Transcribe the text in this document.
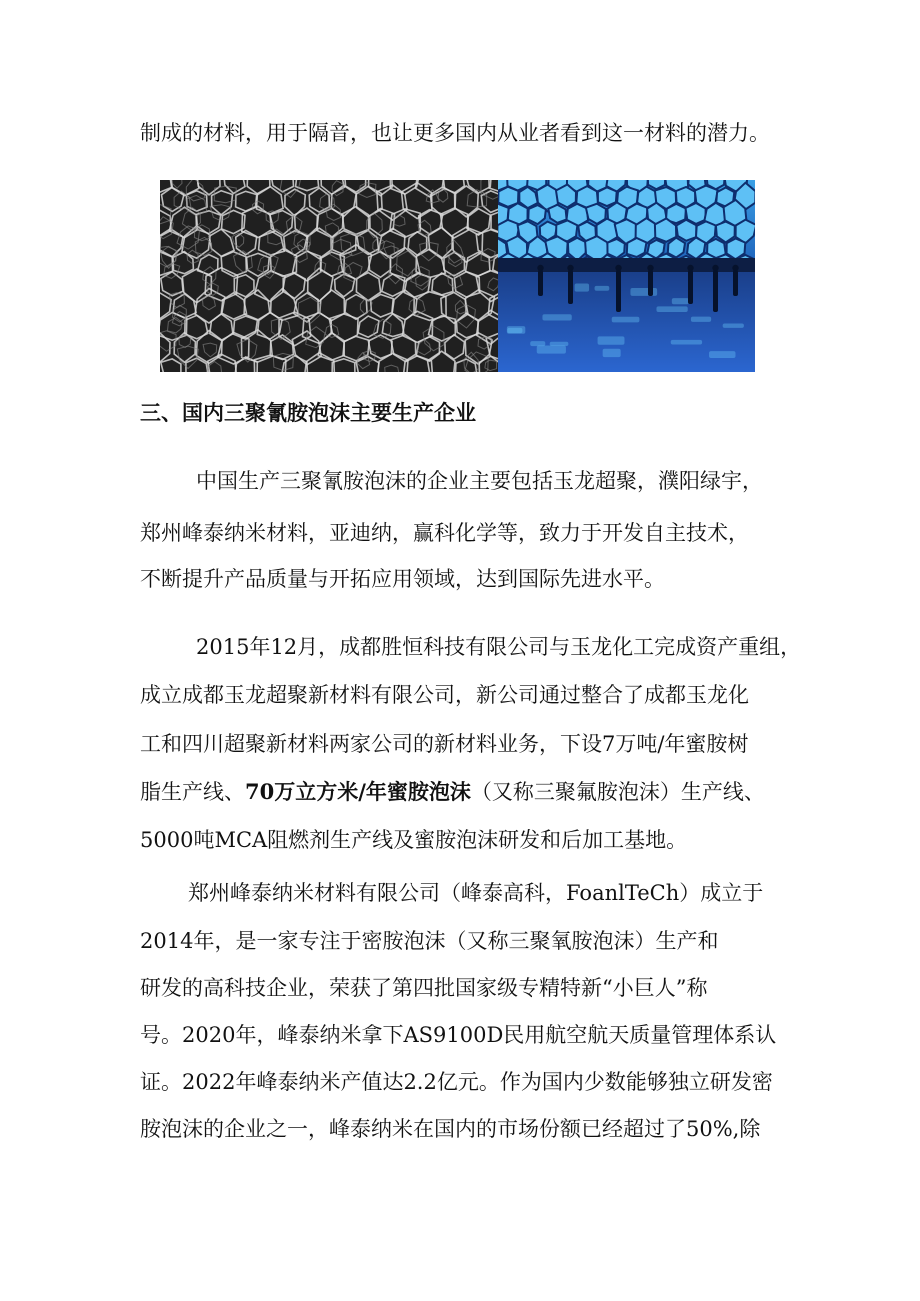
制成的材料，用于隔音，也让更多国内从业者看到这一材料的潜力。
三、国内三聚氰胺泡沫主要生产企业
中国生产三聚氰胺泡沫的企业主要包括玉龙超聚，濮阳绿宇，
郑州峰泰纳米材料，亚迪纳，赢科化学等，致力于开发自主技术，
不断提升产品质量与开拓应用领域，达到国际先进水平。
2015年12月，成都胜恒科技有限公司与玉龙化工完成资产重组，
成立成都玉龙超聚新材料有限公司，新公司通过整合了成都玉龙化
工和四川超聚新材料两家公司的新材料业务，下设7万吨/年蜜胺树
脂生产线、70万立方米/年蜜胺泡沫（又称三聚氟胺泡沫）生产线、
5000吨MCA阻燃剂生产线及蜜胺泡沫研发和后加工基地。
郑州峰泰纳米材料有限公司（峰泰高科，FoanlTeCh）成立于
2014年，是一家专注于密胺泡沫（又称三聚氧胺泡沫）生产和
研发的高科技企业，荣获了第四批国家级专精特新“小巨人”称
号。2020年，峰泰纳米拿下AS9100D民用航空航天质量管理体系认
证。2022年峰泰纳米产值达2.2亿元。作为国内少数能够独立研发密
胺泡沫的企业之一，峰泰纳米在国内的市场份额已经超过了50%,除
